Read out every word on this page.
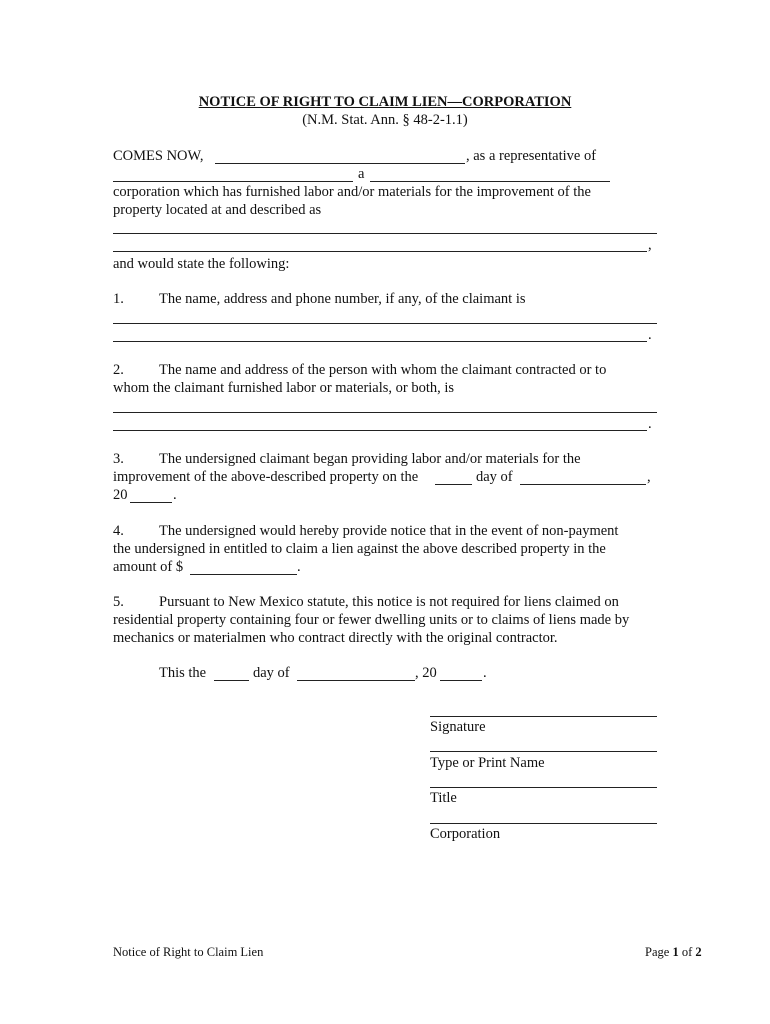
NOTICE OF RIGHT TO CLAIM LIEN—CORPORATION
(N.M. Stat. Ann. § 48-2-1.1)
COMES NOW,	, as a representative of
a
corporation which has furnished labor and/or materials for the improvement of the
property located at and described as
,
and would state the following:
1. The name, address and phone number, if any, of the claimant is
.
2. The name and address of the person with whom the claimant contracted or to
whom the claimant furnished labor or materials, or both, is
.
3. The undersigned claimant began providing labor and/or materials for the
improvement of the above-described property on the	day of	,
20	.
4. The undersigned would hereby provide notice that in the event of non-payment
the undersigned in entitled to claim a lien against the above described property in the
amount of $	.
5. Pursuant to New Mexico statute, this notice is not required for liens claimed on
residential property containing four or fewer dwelling units or to claims of liens made by
mechanics or materialmen who contract directly with the original contractor.
This the	day of	, 20	.
Signature
Type or Print Name
Title
Corporation
Notice of Right to Claim Lien	Page 1 of 2
